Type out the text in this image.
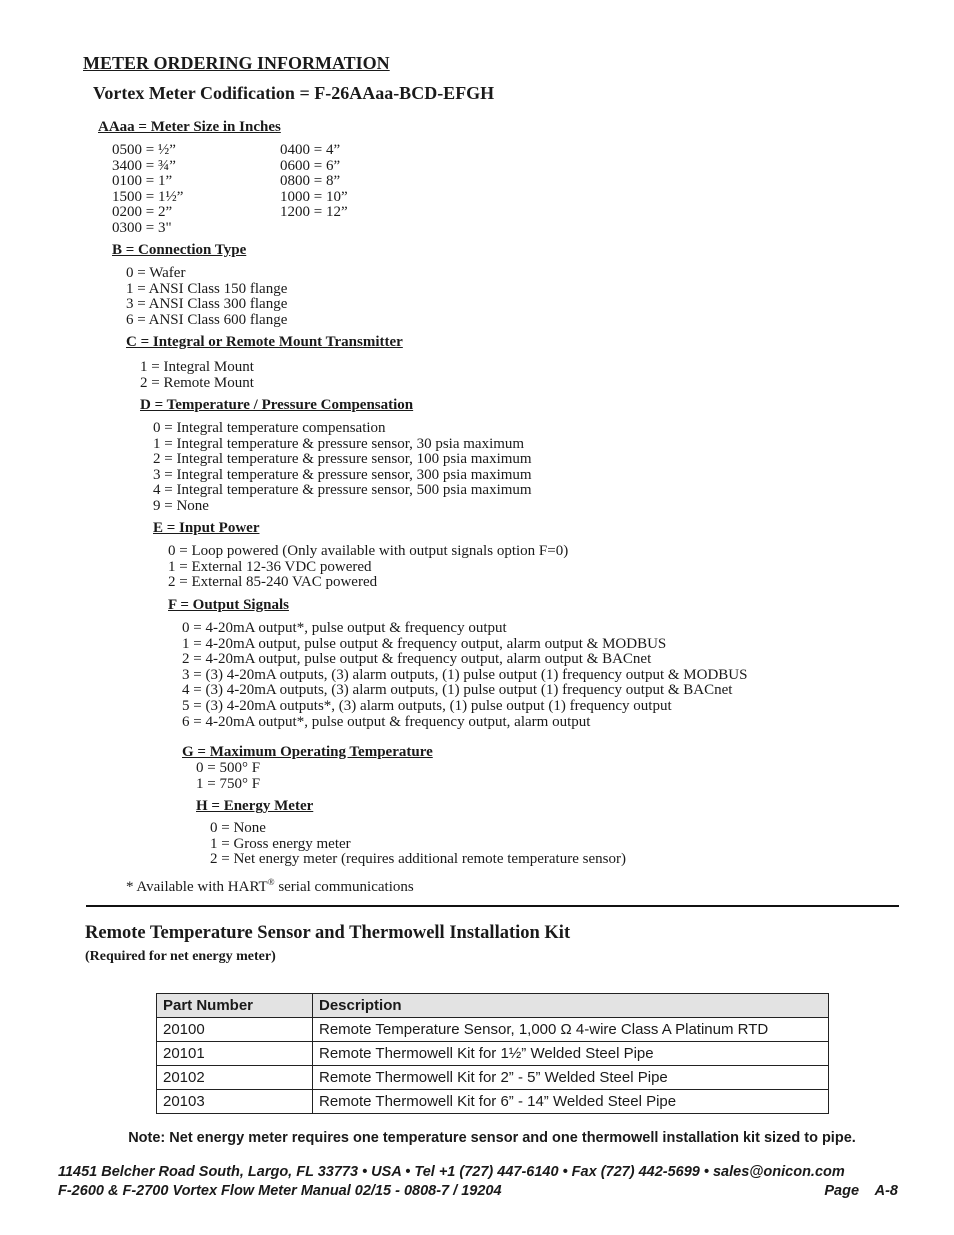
METER ORDERING INFORMATION
Vortex Meter Codification = F-26AAaa-BCD-EFGH
AAaa = Meter Size in Inches
0500 = ½”
3400 = ¾”
0100 = 1”
1500 = 1½”
0200 = 2”
0300 = 3"
0400 = 4”
0600 = 6”
0800 = 8”
1000 = 10”
1200 = 12”
B = Connection Type
0 = Wafer
1 = ANSI Class 150 flange
3 = ANSI Class 300 flange
6 = ANSI Class 600 flange
C = Integral or Remote Mount Transmitter
1 = Integral Mount
2 = Remote Mount
D = Temperature / Pressure Compensation
0 = Integral temperature compensation
1 = Integral temperature & pressure sensor, 30 psia maximum
2 = Integral temperature & pressure sensor, 100 psia maximum
3 = Integral temperature & pressure sensor, 300 psia maximum
4 = Integral temperature & pressure sensor, 500 psia maximum
9 = None
E = Input Power
0 = Loop powered (Only available with output signals option F=0)
1 = External 12-36 VDC powered
2 = External 85-240 VAC powered
F = Output Signals
0 = 4-20mA output*, pulse output & frequency output
1 = 4-20mA output, pulse output & frequency output, alarm output & MODBUS
2 = 4-20mA output, pulse output & frequency output, alarm output & BACnet
3 = (3) 4-20mA outputs, (3) alarm outputs, (1) pulse output (1) frequency output & MODBUS
4 = (3) 4-20mA outputs, (3) alarm outputs, (1) pulse output (1) frequency output & BACnet
5 = (3) 4-20mA outputs*, (3) alarm outputs, (1) pulse output (1) frequency output
6 = 4-20mA output*, pulse output & frequency output, alarm output
G = Maximum Operating Temperature
0 = 500° F
1 = 750° F
H = Energy Meter
0 = None
1 = Gross energy meter
2 = Net energy meter (requires additional remote temperature sensor)
* Available with HART® serial communications
Remote Temperature Sensor and Thermowell Installation Kit
(Required for net energy meter)
Part Number	Description
20100	Remote Temperature Sensor, 1,000 Ω 4-wire Class A Platinum RTD
20101	Remote Thermowell Kit for 1½” Welded Steel Pipe
20102	Remote Thermowell Kit for 2” - 5” Welded Steel Pipe
20103	Remote Thermowell Kit for 6” - 14” Welded Steel Pipe
Note: Net energy meter requires one temperature sensor and one thermowell installation kit sized to pipe.
11451 Belcher Road South, Largo, FL 33773 • USA • Tel +1 (727) 447-6140 • Fax (727) 442-5699 • sales@onicon.com
F-2600 & F-2700 Vortex Flow Meter Manual 02/15 - 0808-7 / 19204	Page    A-8
